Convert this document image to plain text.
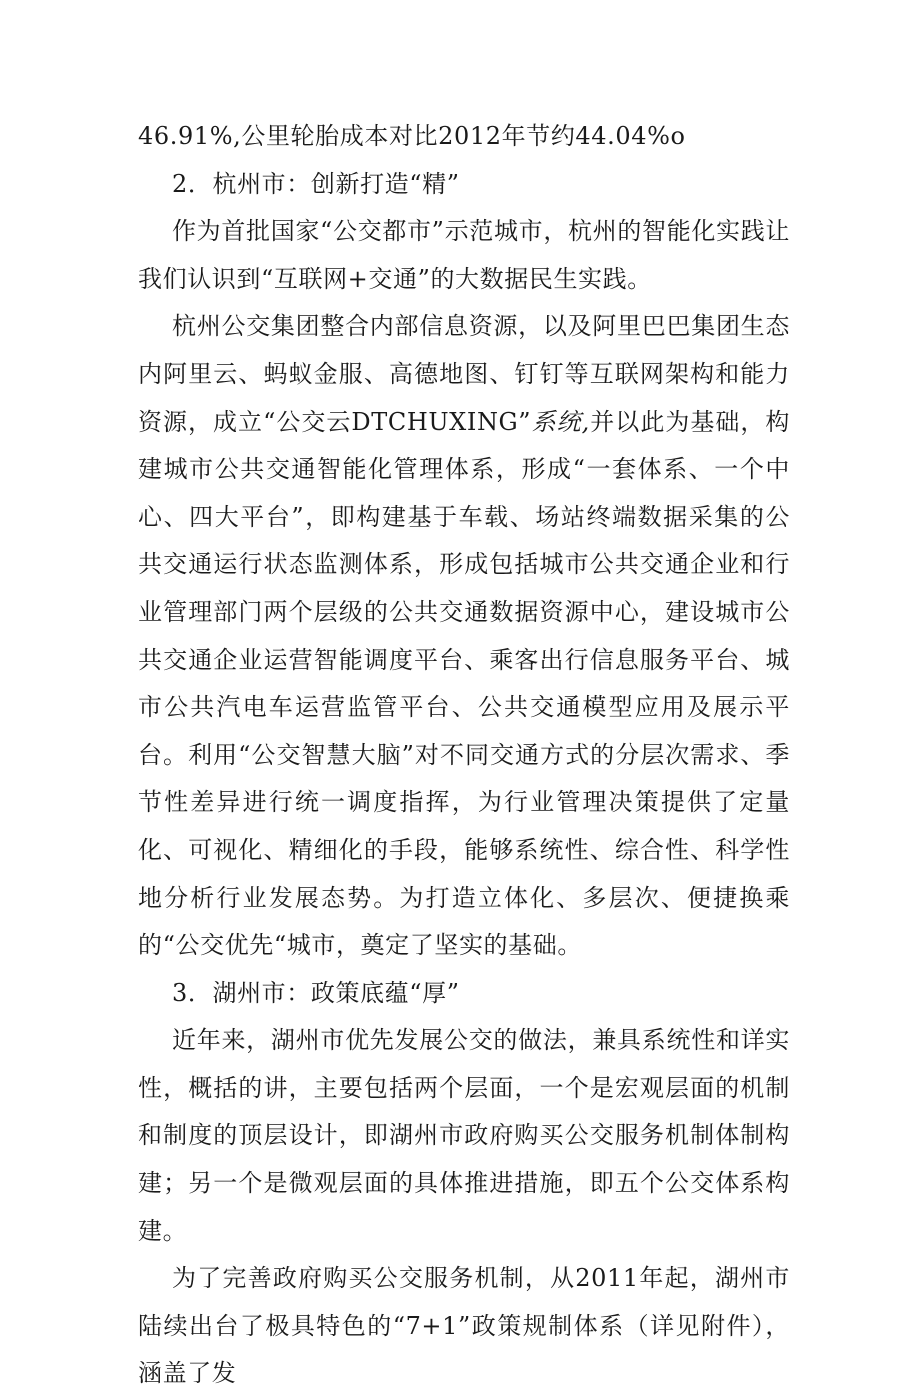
46.91%,公里轮胎成本对比2012年节约44.04%o

2．杭州市：创新打造“精”

作为首批国家“公交都市”示范城市，杭州的智能化实践让我们认识到“互联网+交通”的大数据民生实践。

杭州公交集团整合内部信息资源，以及阿里巴巴集团生态内阿里云、蚂蚁金服、高德地图、钉钉等互联网架构和能力资源，成立“公交云DTCHUXING”系统,并以此为基础，构建城市公共交通智能化管理体系，形成“一套体系、一个中心、四大平台”，即构建基于车载、场站终端数据采集的公共交通运行状态监测体系，形成包括城市公共交通企业和行业管理部门两个层级的公共交通数据资源中心，建设城市公共交通企业运营智能调度平台、乘客出行信息服务平台、城市公共汽电车运营监管平台、公共交通模型应用及展示平台。利用“公交智慧大脑”对不同交通方式的分层次需求、季节性差异进行统一调度指挥，为行业管理决策提供了定量化、可视化、精细化的手段，能够系统性、综合性、科学性地分析行业发展态势。为打造立体化、多层次、便捷换乘的“公交优先“城市，奠定了坚实的基础。

3．湖州市：政策底蕴“厚”

近年来，湖州市优先发展公交的做法，兼具系统性和详实性，概括的讲，主要包括两个层面，一个是宏观层面的机制和制度的顶层设计，即湖州市政府购买公交服务机制体制构建；另一个是微观层面的具体推进措施，即五个公交体系构建。

为了完善政府购买公交服务机制，从2011年起，湖州市陆续出台了极具特色的“7+1”政策规制体系（详见附件），涵盖了发
